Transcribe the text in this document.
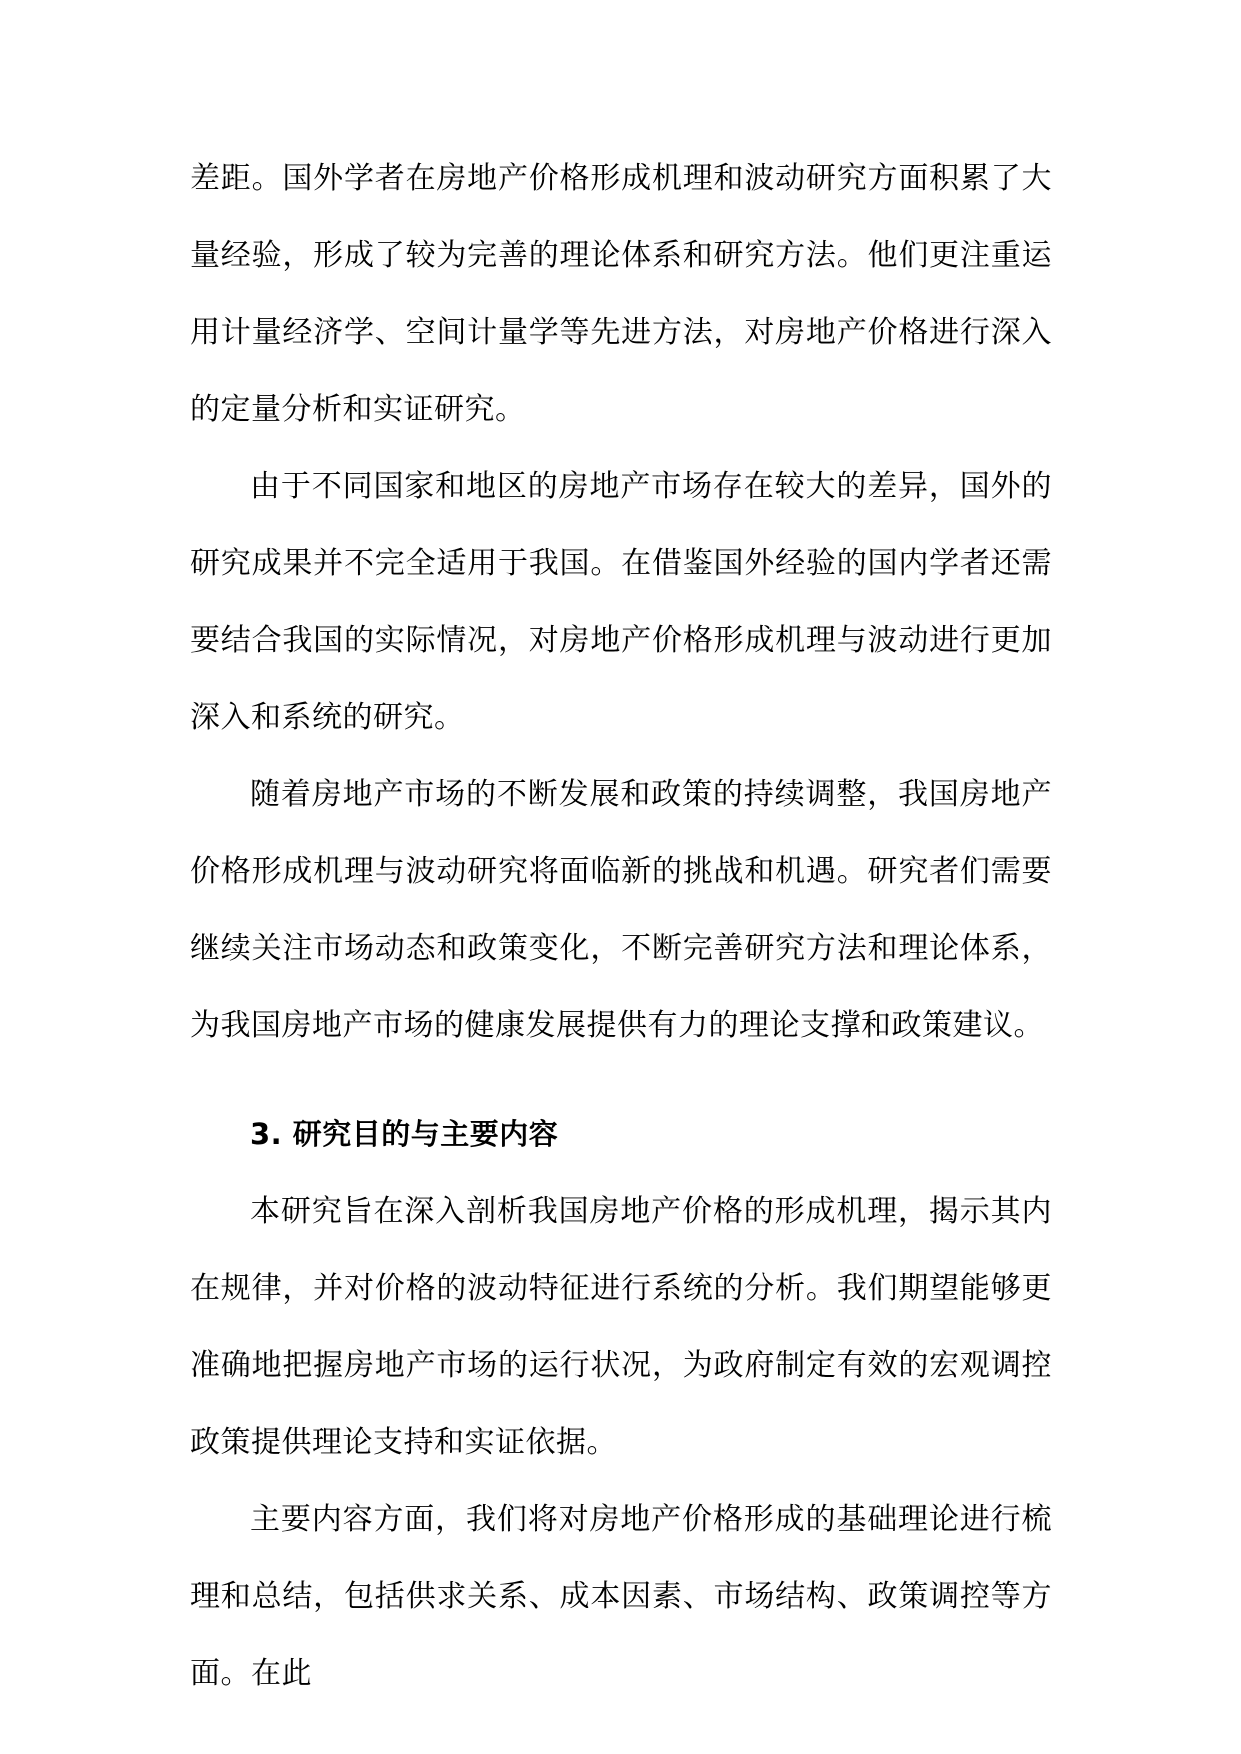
差距。国外学者在房地产价格形成机理和波动研究方面积累了大量经验，形成了较为完善的理论体系和研究方法。他们更注重运用计量经济学、空间计量学等先进方法，对房地产价格进行深入的定量分析和实证研究。

由于不同国家和地区的房地产市场存在较大的差异，国外的研究成果并不完全适用于我国。在借鉴国外经验的国内学者还需要结合我国的实际情况，对房地产价格形成机理与波动进行更加深入和系统的研究。

随着房地产市场的不断发展和政策的持续调整，我国房地产价格形成机理与波动研究将面临新的挑战和机遇。研究者们需要继续关注市场动态和政策变化，不断完善研究方法和理论体系，为我国房地产市场的健康发展提供有力的理论支撑和政策建议。

3. 研究目的与主要内容

本研究旨在深入剖析我国房地产价格的形成机理，揭示其内在规律，并对价格的波动特征进行系统的分析。我们期望能够更准确地把握房地产市场的运行状况，为政府制定有效的宏观调控政策提供理论支持和实证依据。

主要内容方面，我们将对房地产价格形成的基础理论进行梳理和总结，包括供求关系、成本因素、市场结构、政策调控等方面。在此
